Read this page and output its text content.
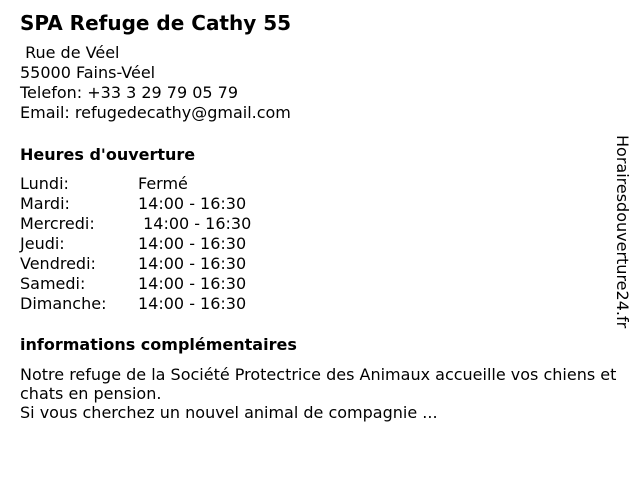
SPA Refuge de Cathy 55
Rue de Véel
55000 Fains-Véel
Telefon: +33 3 29 79 05 79
Email: refugedecathy@gmail.com
Heures d'ouverture
Lundi:	Fermé
Mardi:	14:00 - 16:30
Mercredi:	14:00 - 16:30
Jeudi:	14:00 - 16:30
Vendredi:	14:00 - 16:30
Samedi:	14:00 - 16:30
Dimanche: 14:00 - 16:30
informations complémentaires

Notre refuge de la Société Protectrice des Animaux accueille vos chiens et chats en pension.

Si vous cherchez un nouvel animal de compagnie ...

Horairesdouverture24.fr
